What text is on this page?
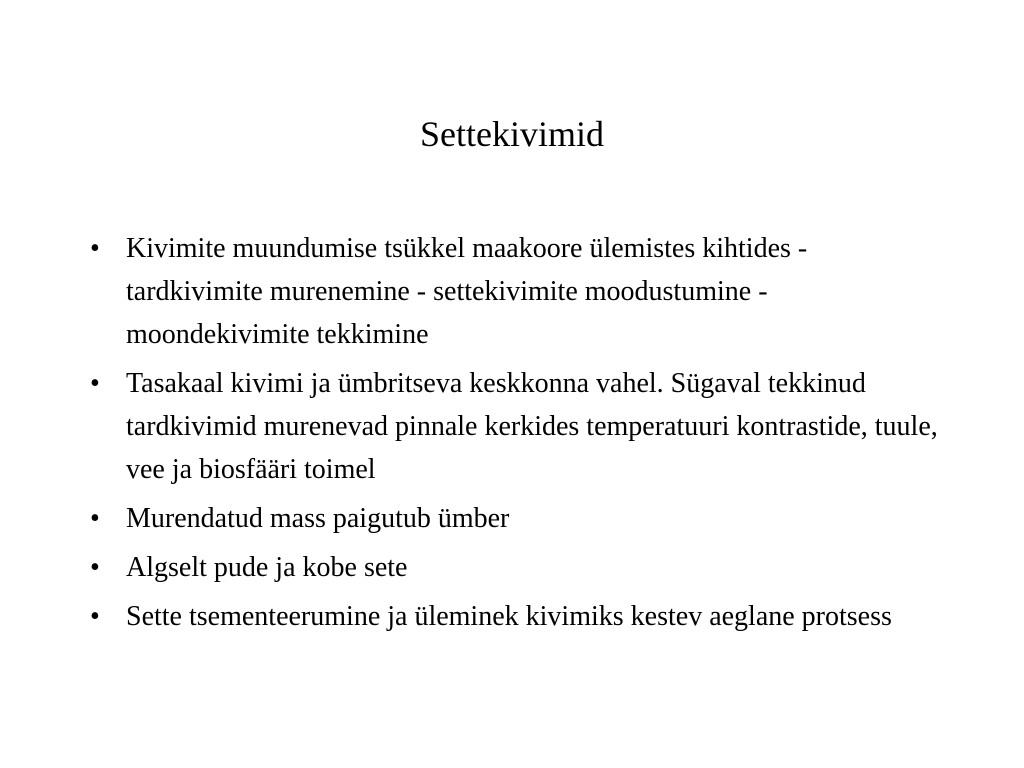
Settekivimid
• Kivimite muundumise tsükkel maakoore ülemistes kihtides - tardkivimite murenemine - settekivimite moodustumine - moondekivimite tekkimine
• Tasakaal kivimi ja ümbritseva keskkonna vahel. Sügaval tekkinud tardkivimid murenevad pinnale kerkides temperatuuri kontrastide, tuule, vee ja biosfääri toimel
• Murendatud mass paigutub ümber
• Algselt pude ja kobe sete
• Sette tsementeerumine ja üleminek kivimiks kestev aeglane protsess
